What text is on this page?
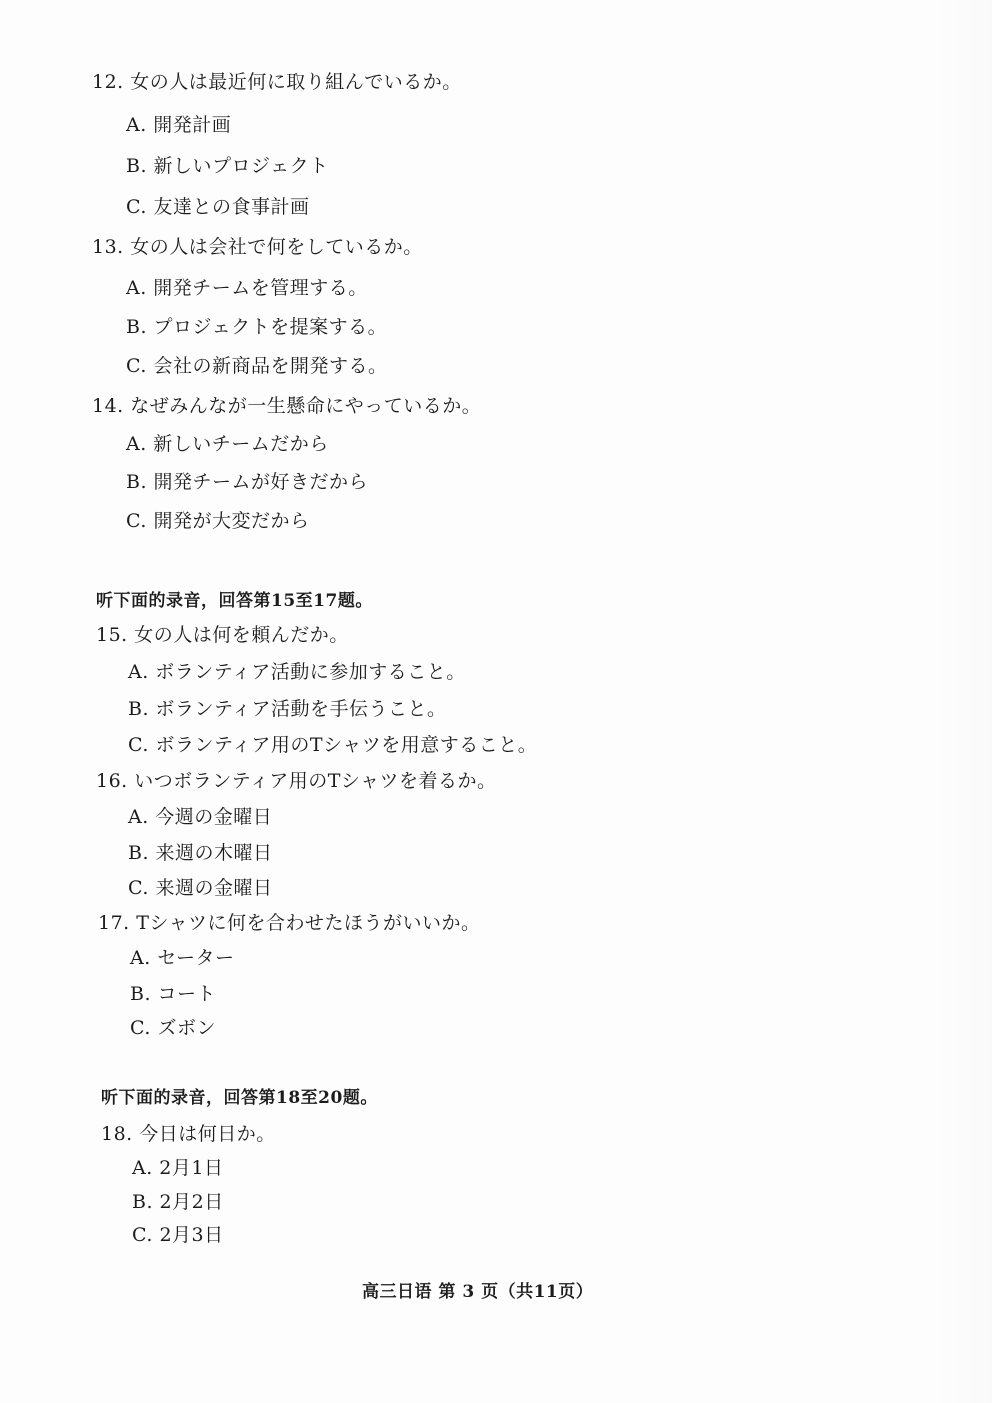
12. 女の人は最近何に取り組んでいるか。
A. 開発計画
B. 新しいプロジェクト
C. 友達との食事計画
13. 女の人は会社で何をしているか。
A. 開発チームを管理する。
B. プロジェクトを提案する。
C. 会社の新商品を開発する。
14. なぜみんなが一生懸命にやっているか。
A. 新しいチームだから
B. 開発チームが好きだから
C. 開発が大変だから
听下面的录音，回答第15至17题。
15. 女の人は何を頼んだか。
A. ボランティア活動に参加すること。
B. ボランティア活動を手伝うこと。
C. ボランティア用のTシャツを用意すること。
16. いつボランティア用のTシャツを着るか。
A. 今週の金曜日
B. 来週の木曜日
C. 来週の金曜日
17. Tシャツに何を合わせたほうがいいか。
A. セーター
B. コート
C. ズボン
听下面的录音，回答第18至20题。
18. 今日は何日か。
A. 2月1日
B. 2月2日
C. 2月3日
高三日语 第 3 页（共11页）
